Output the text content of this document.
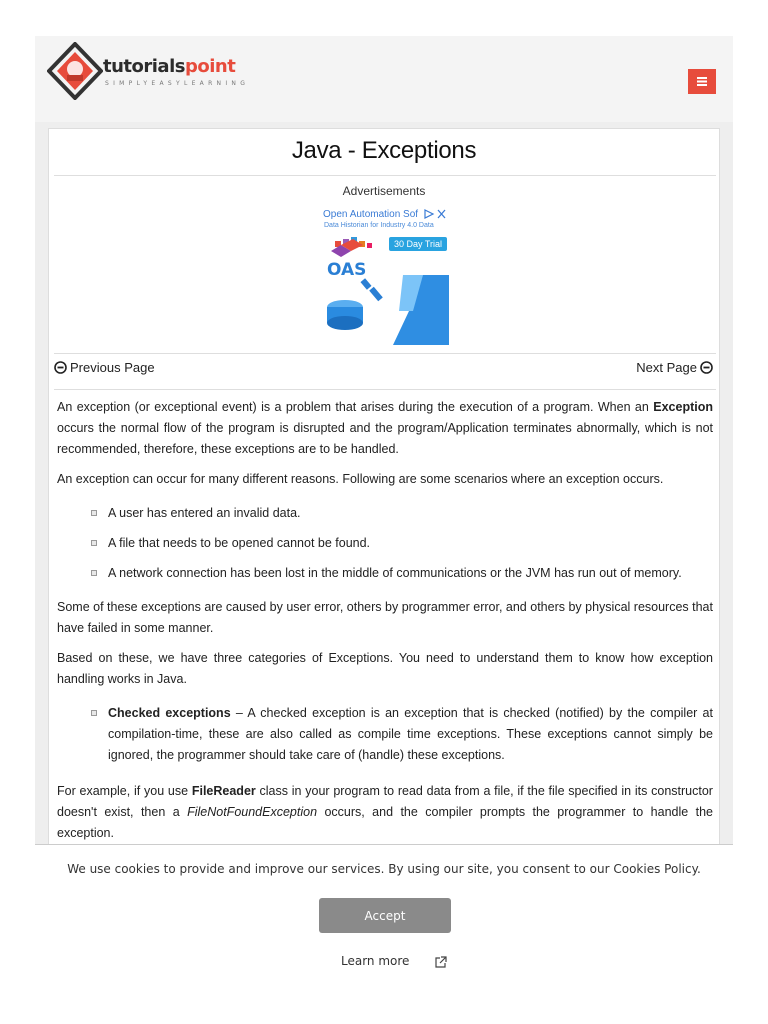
tutorialspoint
SIMPLYEASYLEARNING
Java - Exceptions
Advertisements
Open Automation Sof
Data Historian for Industry 4.0 Data
30 Day Trial
OAS
Previous Page	Next Page

An exception (or exceptional event) is a problem that arises during the execution of a program. When an Exception occurs the normal flow of the program is disrupted and the program/Application terminates abnormally, which is not recommended, therefore, these exceptions are to be handled.

An exception can occur for many different reasons. Following are some scenarios where an exception occurs.

A user has entered an invalid data.
A file that needs to be opened cannot be found.
A network connection has been lost in the middle of communications or the JVM has run out of memory.

Some of these exceptions are caused by user error, others by programmer error, and others by physical resources that have failed in some manner.

Based on these, we have three categories of Exceptions. You need to understand them to know how exception handling works in Java.

Checked exceptions – A checked exception is an exception that is checked (notified) by the compiler at compilation-time, these are also called as compile time exceptions. These exceptions cannot simply be ignored, the programmer should take care of (handle) these exceptions.

For example, if you use FileReader class in your program to read data from a file, if the file specified in its constructor doesn't exist, then a FileNotFoundException occurs, and the compiler prompts the programmer to handle the exception.

We use cookies to provide and improve our services. By using our site, you consent to our Cookies Policy.
Accept
Learn more
